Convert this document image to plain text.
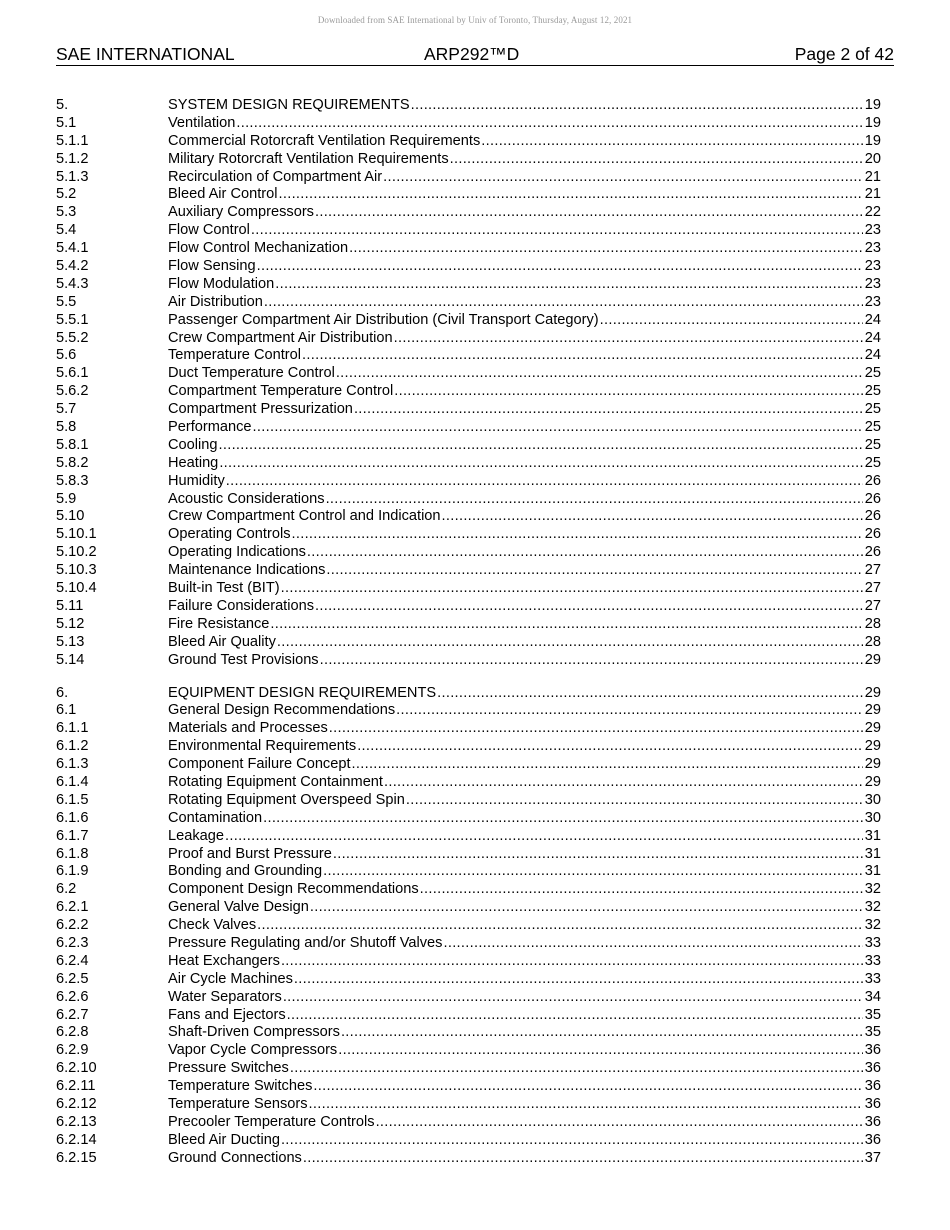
Downloaded from SAE International by Univ of Toronto, Thursday, August 12, 2021
SAE INTERNATIONAL	ARP292™D	Page 2 of 42
5.	SYSTEM DESIGN REQUIREMENTS .....	19
5.1	Ventilation .....	19
5.1.1	Commercial Rotorcraft Ventilation Requirements .....	19
5.1.2	Military Rotorcraft Ventilation Requirements .....	20
5.1.3	Recirculation of Compartment Air .....	21
5.2	Bleed Air Control .....	21
5.3	Auxiliary Compressors .....	22
5.4	Flow Control .....	23
5.4.1	Flow Control Mechanization .....	23
5.4.2	Flow Sensing .....	23
5.4.3	Flow Modulation .....	23
5.5	Air Distribution .....	23
5.5.1	Passenger Compartment Air Distribution (Civil Transport Category) .....	24
5.5.2	Crew Compartment Air Distribution .....	24
5.6	Temperature Control .....	24
5.6.1	Duct Temperature Control .....	25
5.6.2	Compartment Temperature Control .....	25
5.7	Compartment Pressurization .....	25
5.8	Performance .....	25
5.8.1	Cooling .....	25
5.8.2	Heating .....	25
5.8.3	Humidity .....	26
5.9	Acoustic Considerations .....	26
5.10	Crew Compartment Control and Indication .....	26
5.10.1	Operating Controls .....	26
5.10.2	Operating Indications .....	26
5.10.3	Maintenance Indications .....	27
5.10.4	Built-in Test (BIT) .....	27
5.11	Failure Considerations .....	27
5.12	Fire Resistance .....	28
5.13	Bleed Air Quality .....	28
5.14	Ground Test Provisions .....	29
6.	EQUIPMENT DESIGN REQUIREMENTS .....	29
6.1	General Design Recommendations .....	29
6.1.1	Materials and Processes .....	29
6.1.2	Environmental Requirements .....	29
6.1.3	Component Failure Concept .....	29
6.1.4	Rotating Equipment Containment .....	29
6.1.5	Rotating Equipment Overspeed Spin .....	30
6.1.6	Contamination .....	30
6.1.7	Leakage .....	31
6.1.8	Proof and Burst Pressure .....	31
6.1.9	Bonding and Grounding .....	31
6.2	Component Design Recommendations .....	32
6.2.1	General Valve Design .....	32
6.2.2	Check Valves .....	32
6.2.3	Pressure Regulating and/or Shutoff Valves .....	33
6.2.4	Heat Exchangers .....	33
6.2.5	Air Cycle Machines .....	33
6.2.6	Water Separators .....	34
6.2.7	Fans and Ejectors .....	35
6.2.8	Shaft-Driven Compressors .....	35
6.2.9	Vapor Cycle Compressors .....	36
6.2.10	Pressure Switches .....	36
6.2.11	Temperature Switches .....	36
6.2.12	Temperature Sensors .....	36
6.2.13	Precooler Temperature Controls .....	36
6.2.14	Bleed Air Ducting .....	36
6.2.15	Ground Connections .....	37
